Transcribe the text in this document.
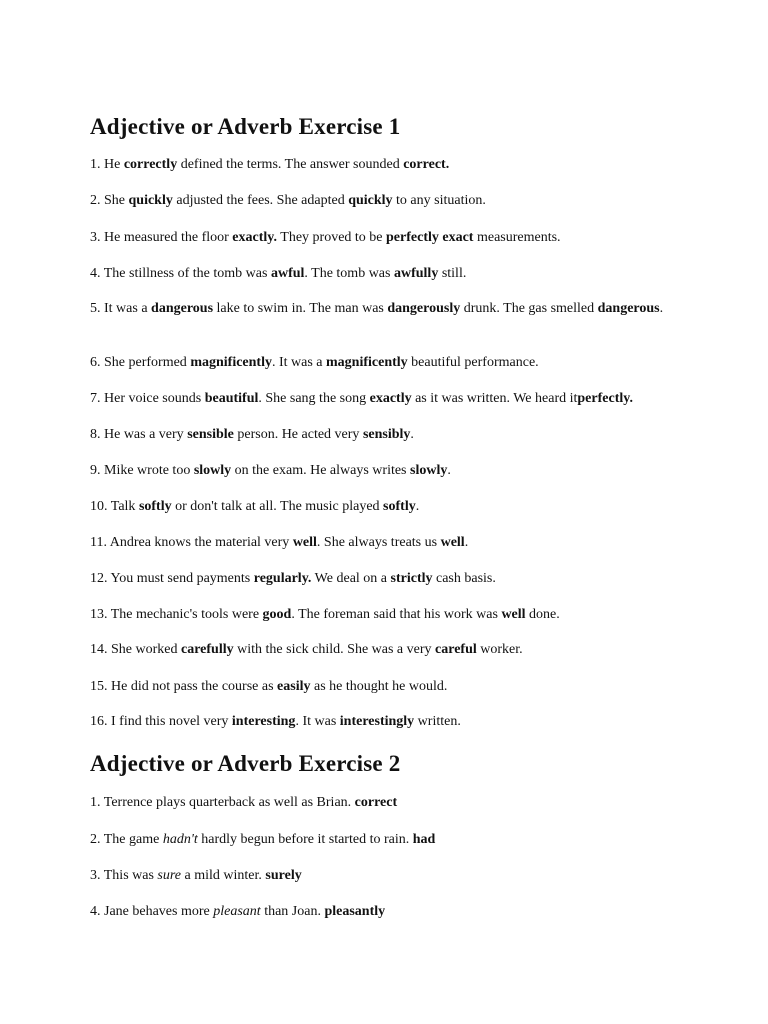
Adjective or Adverb Exercise 1

1. He correctly defined the terms. The answer sounded correct.

2. She quickly adjusted the fees. She adapted quickly to any situation.

3. He measured the floor exactly. They proved to be perfectly exact measurements.

4. The stillness of the tomb was awful. The tomb was awfully still.

5. It was a dangerous lake to swim in. The man was dangerously drunk. The gas smelled dangerous.

6. She performed magnificently. It was a magnificently beautiful performance.

7. Her voice sounds beautiful. She sang the song exactly as it was written. We heard itperfectly.

8. He was a very sensible person. He acted very sensibly.

9. Mike wrote too slowly on the exam. He always writes slowly.

10. Talk softly or don't talk at all. The music played softly.

11. Andrea knows the material very well. She always treats us well.

12. You must send payments regularly. We deal on a strictly cash basis.

13. The mechanic's tools were good. The foreman said that his work was well done.

14. She worked carefully with the sick child. She was a very careful worker.

15. He did not pass the course as easily as he thought he would.

16. I find this novel very interesting. It was interestingly written.

Adjective or Adverb Exercise 2

1. Terrence plays quarterback as well as Brian. correct

2. The game hadn't hardly begun before it started to rain. had

3. This was sure a mild winter. surely

4. Jane behaves more pleasant than Joan. pleasantly
